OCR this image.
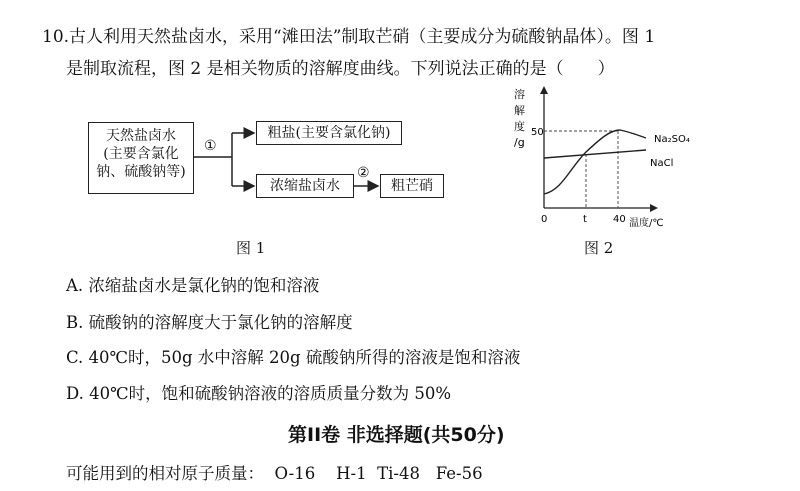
10.古人利用天然盐卤水，采用“滩田法”制取芒硝（主要成分为硫酸钠晶体）。图 1
是制取流程，图 2 是相关物质的溶解度曲线。下列说法正确的是（　　）
天然盐卤水
(主要含氯化
钠、硫酸钠等)
①
粗盐(主要含氯化钠)
浓缩盐卤水
②
粗芒硝
图 1
溶
解
度
/g
50
0	t	40 温度/℃
Na₂SO₄
NaCl
图 2
A. 浓缩盐卤水是氯化钠的饱和溶液
B. 硫酸钠的溶解度大于氯化钠的溶解度
C. 40℃时，50g 水中溶解 20g 硫酸钠所得的溶液是饱和溶液
D. 40℃时，饱和硫酸钠溶液的溶质质量分数为 50%
第II卷 非选择题(共50分)
可能用到的相对原子质量：  O-16    H-1  Ti-48   Fe-56
